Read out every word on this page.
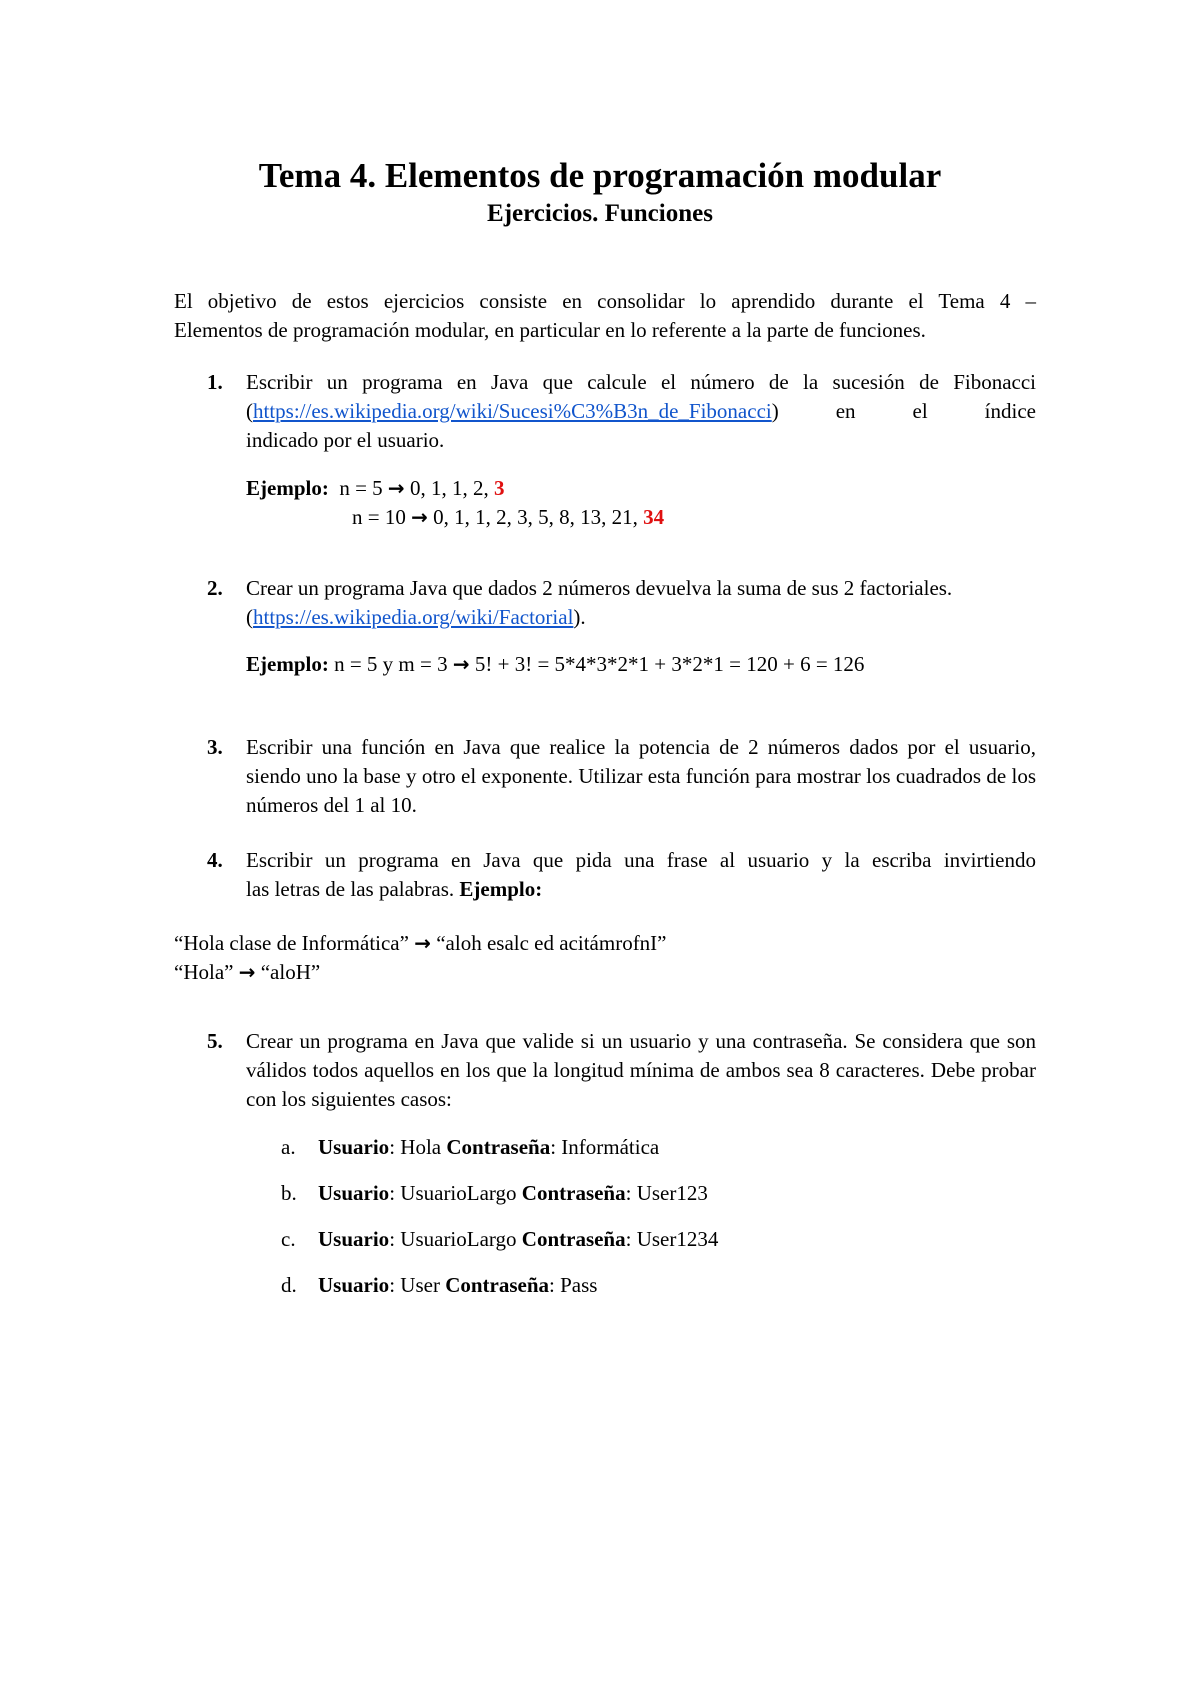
Tema 4. Elementos de programación modular
Ejercicios. Funciones
El objetivo de estos ejercicios consiste en consolidar lo aprendido durante el Tema 4 –
Elementos de programación modular, en particular en lo referente a la parte de funciones.
1. Escribir un programa en Java que calcule el número de la sucesión de Fibonacci
(https://es.wikipedia.org/wiki/Sucesi%C3%B3n_de_Fibonacci)	en	el	índice
indicado por el usuario.
Ejemplo: n = 5 → 0, 1, 1, 2, 3
n = 10 → 0, 1, 1, 2, 3, 5, 8, 13, 21, 34
2. Crear un programa Java que dados 2 números devuelva la suma de sus 2 factoriales.
(https://es.wikipedia.org/wiki/Factorial).
Ejemplo: n = 5 y m = 3 → 5! + 3! = 5*4*3*2*1 + 3*2*1 = 120 + 6 = 126
3. Escribir una función en Java que realice la potencia de 2 números dados por el usuario, siendo uno la base y otro el exponente. Utilizar esta función para mostrar los cuadrados de los números del 1 al 10.
4. Escribir un programa en Java que pida una frase al usuario y la escriba invirtiendo
las letras de las palabras. Ejemplo:
“Hola clase de Informática” → “aloh esalc ed acitámrofnI”
“Hola” → “aloH”
5. Crear un programa en Java que valide si un usuario y una contraseña. Se considera que son válidos todos aquellos en los que la longitud mínima de ambos sea 8 caracteres. Debe probar con los siguientes casos:
a. Usuario: Hola Contraseña: Informática
b. Usuario: UsuarioLargo Contraseña: User123
c. Usuario: UsuarioLargo Contraseña: User1234
d. Usuario: User Contraseña: Pass
